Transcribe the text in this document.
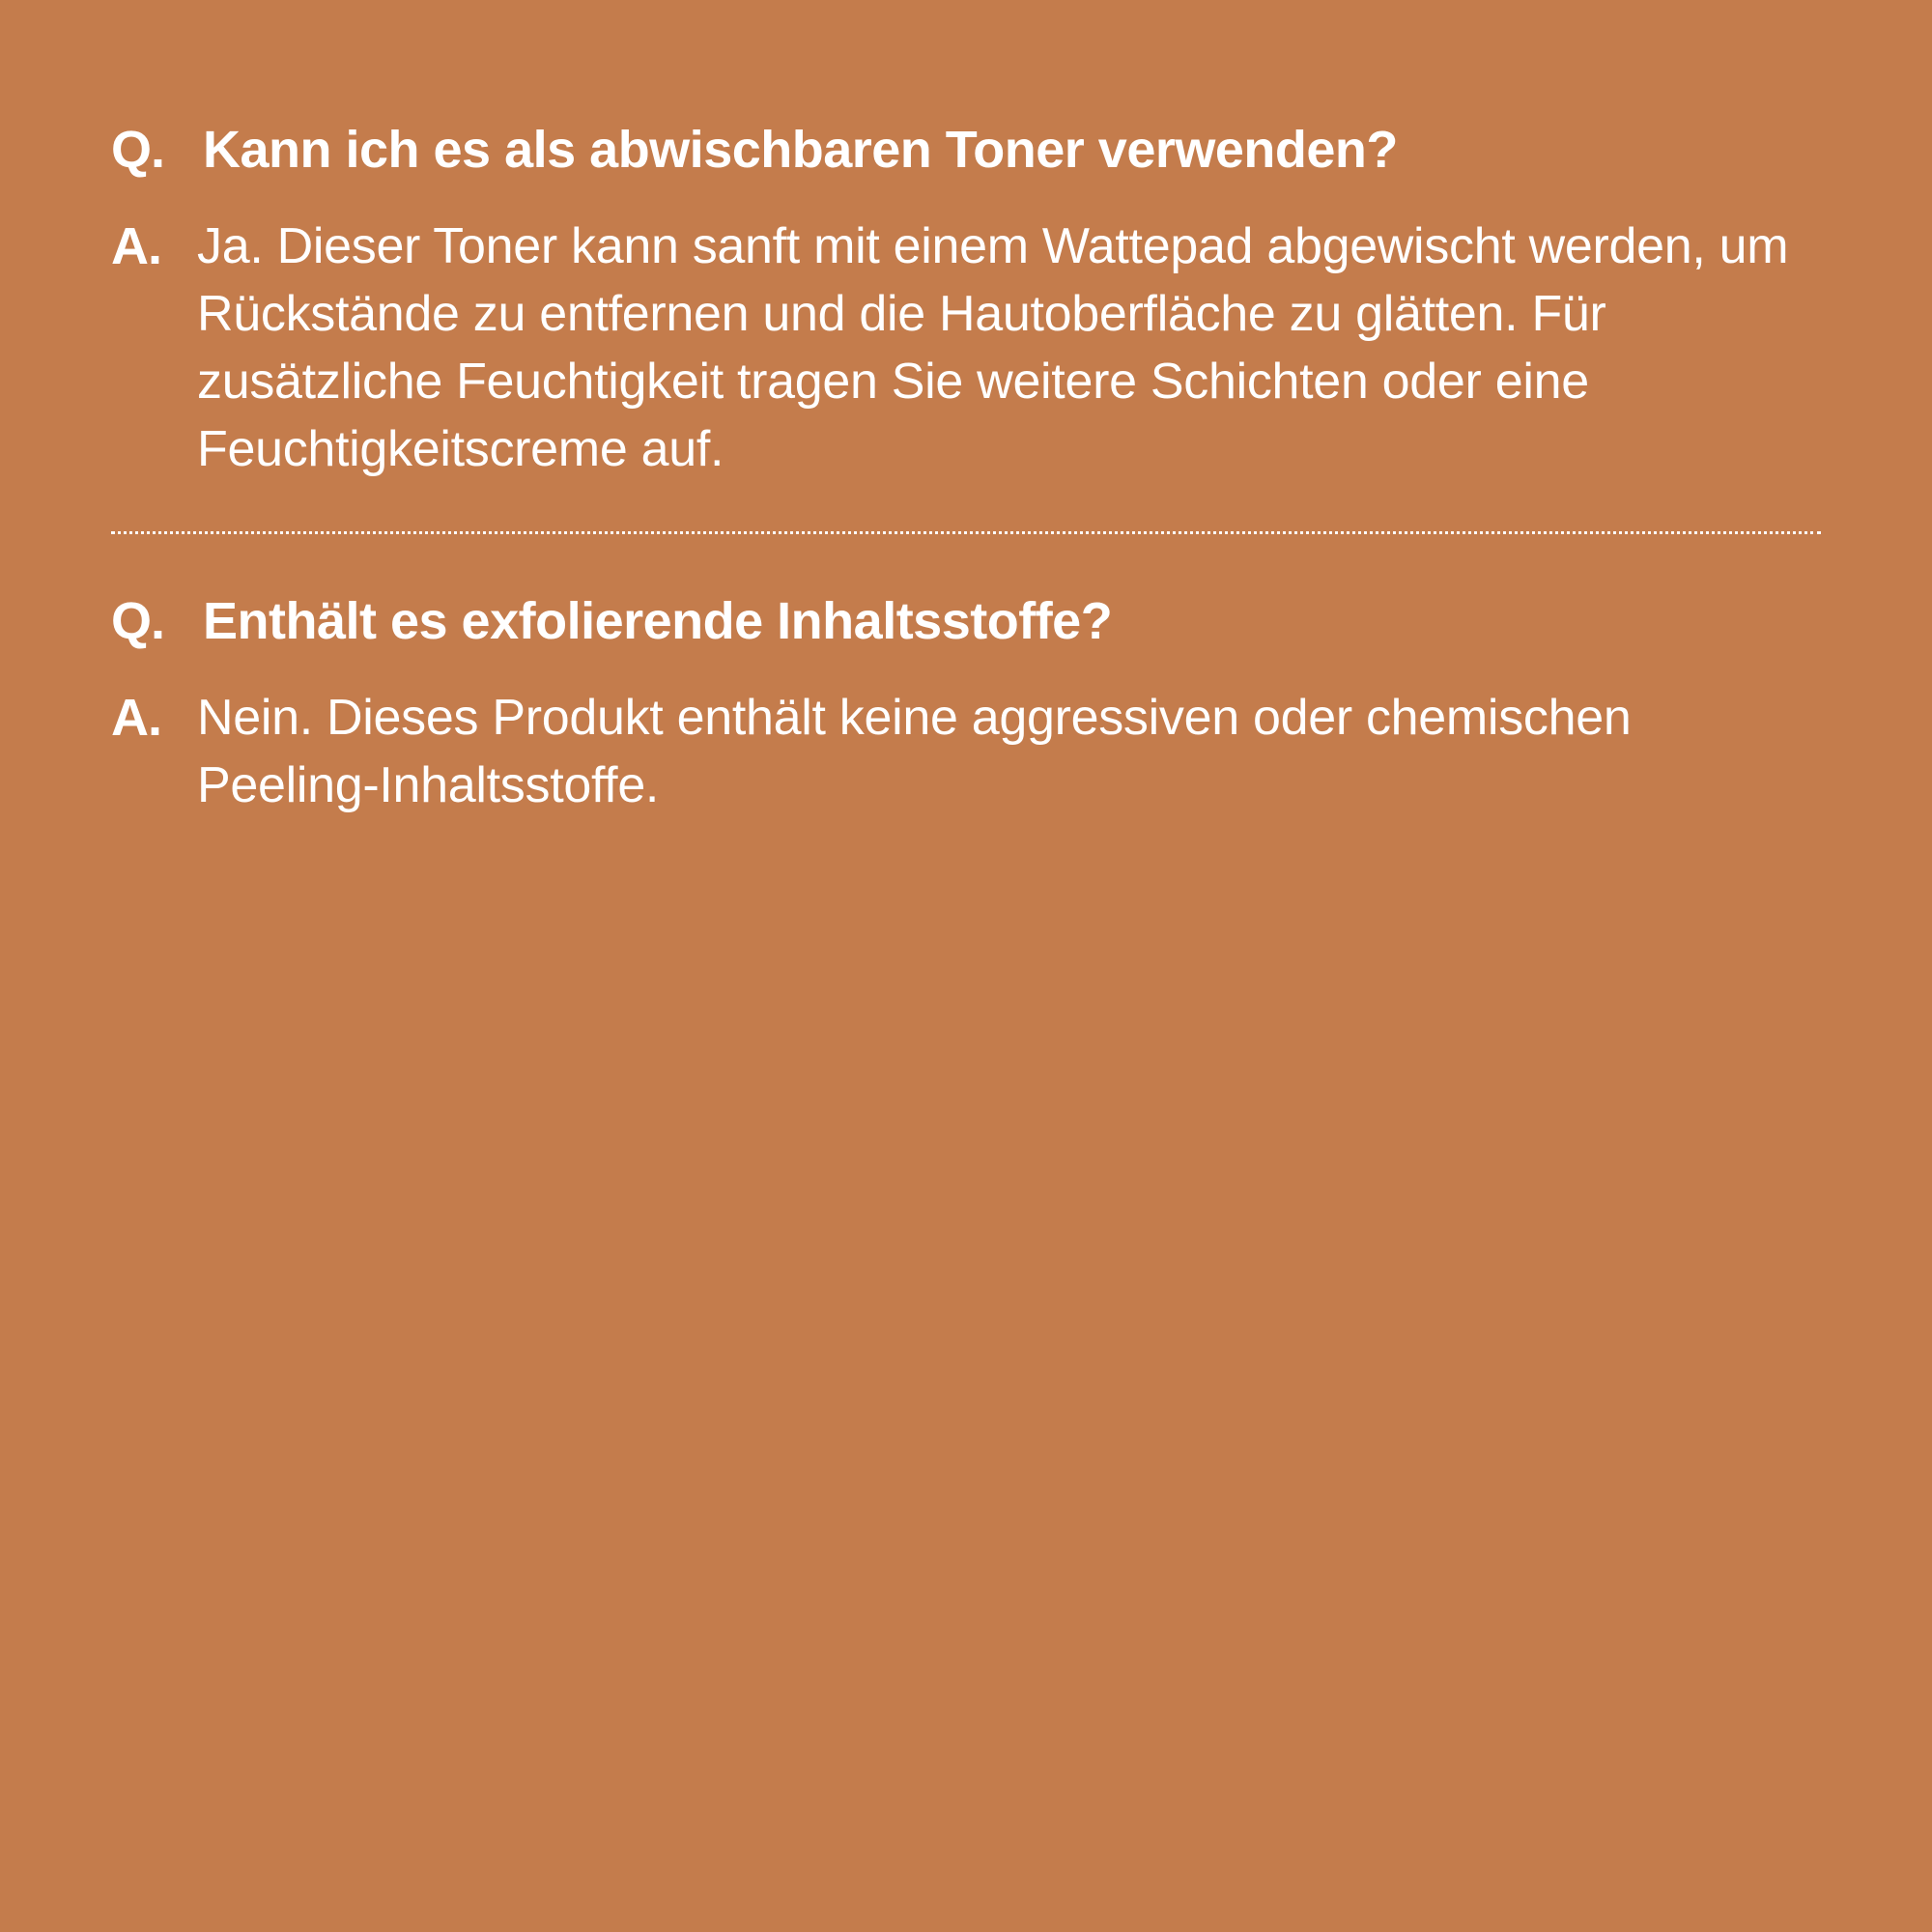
Q. Kann ich es als abwischbaren Toner verwenden?
A. Ja. Dieser Toner kann sanft mit einem Wattepad abgewischt werden, um Rückstände zu entfernen und die Hautoberfläche zu glätten. Für zusätzliche Feuchtigkeit tragen Sie weitere Schichten oder eine Feuchtigkeitscreme auf.

Q. Enthält es exfolierende Inhaltsstoffe?
A. Nein. Dieses Produkt enthält keine aggressiven oder chemischen Peeling-Inhaltsstoffe.
